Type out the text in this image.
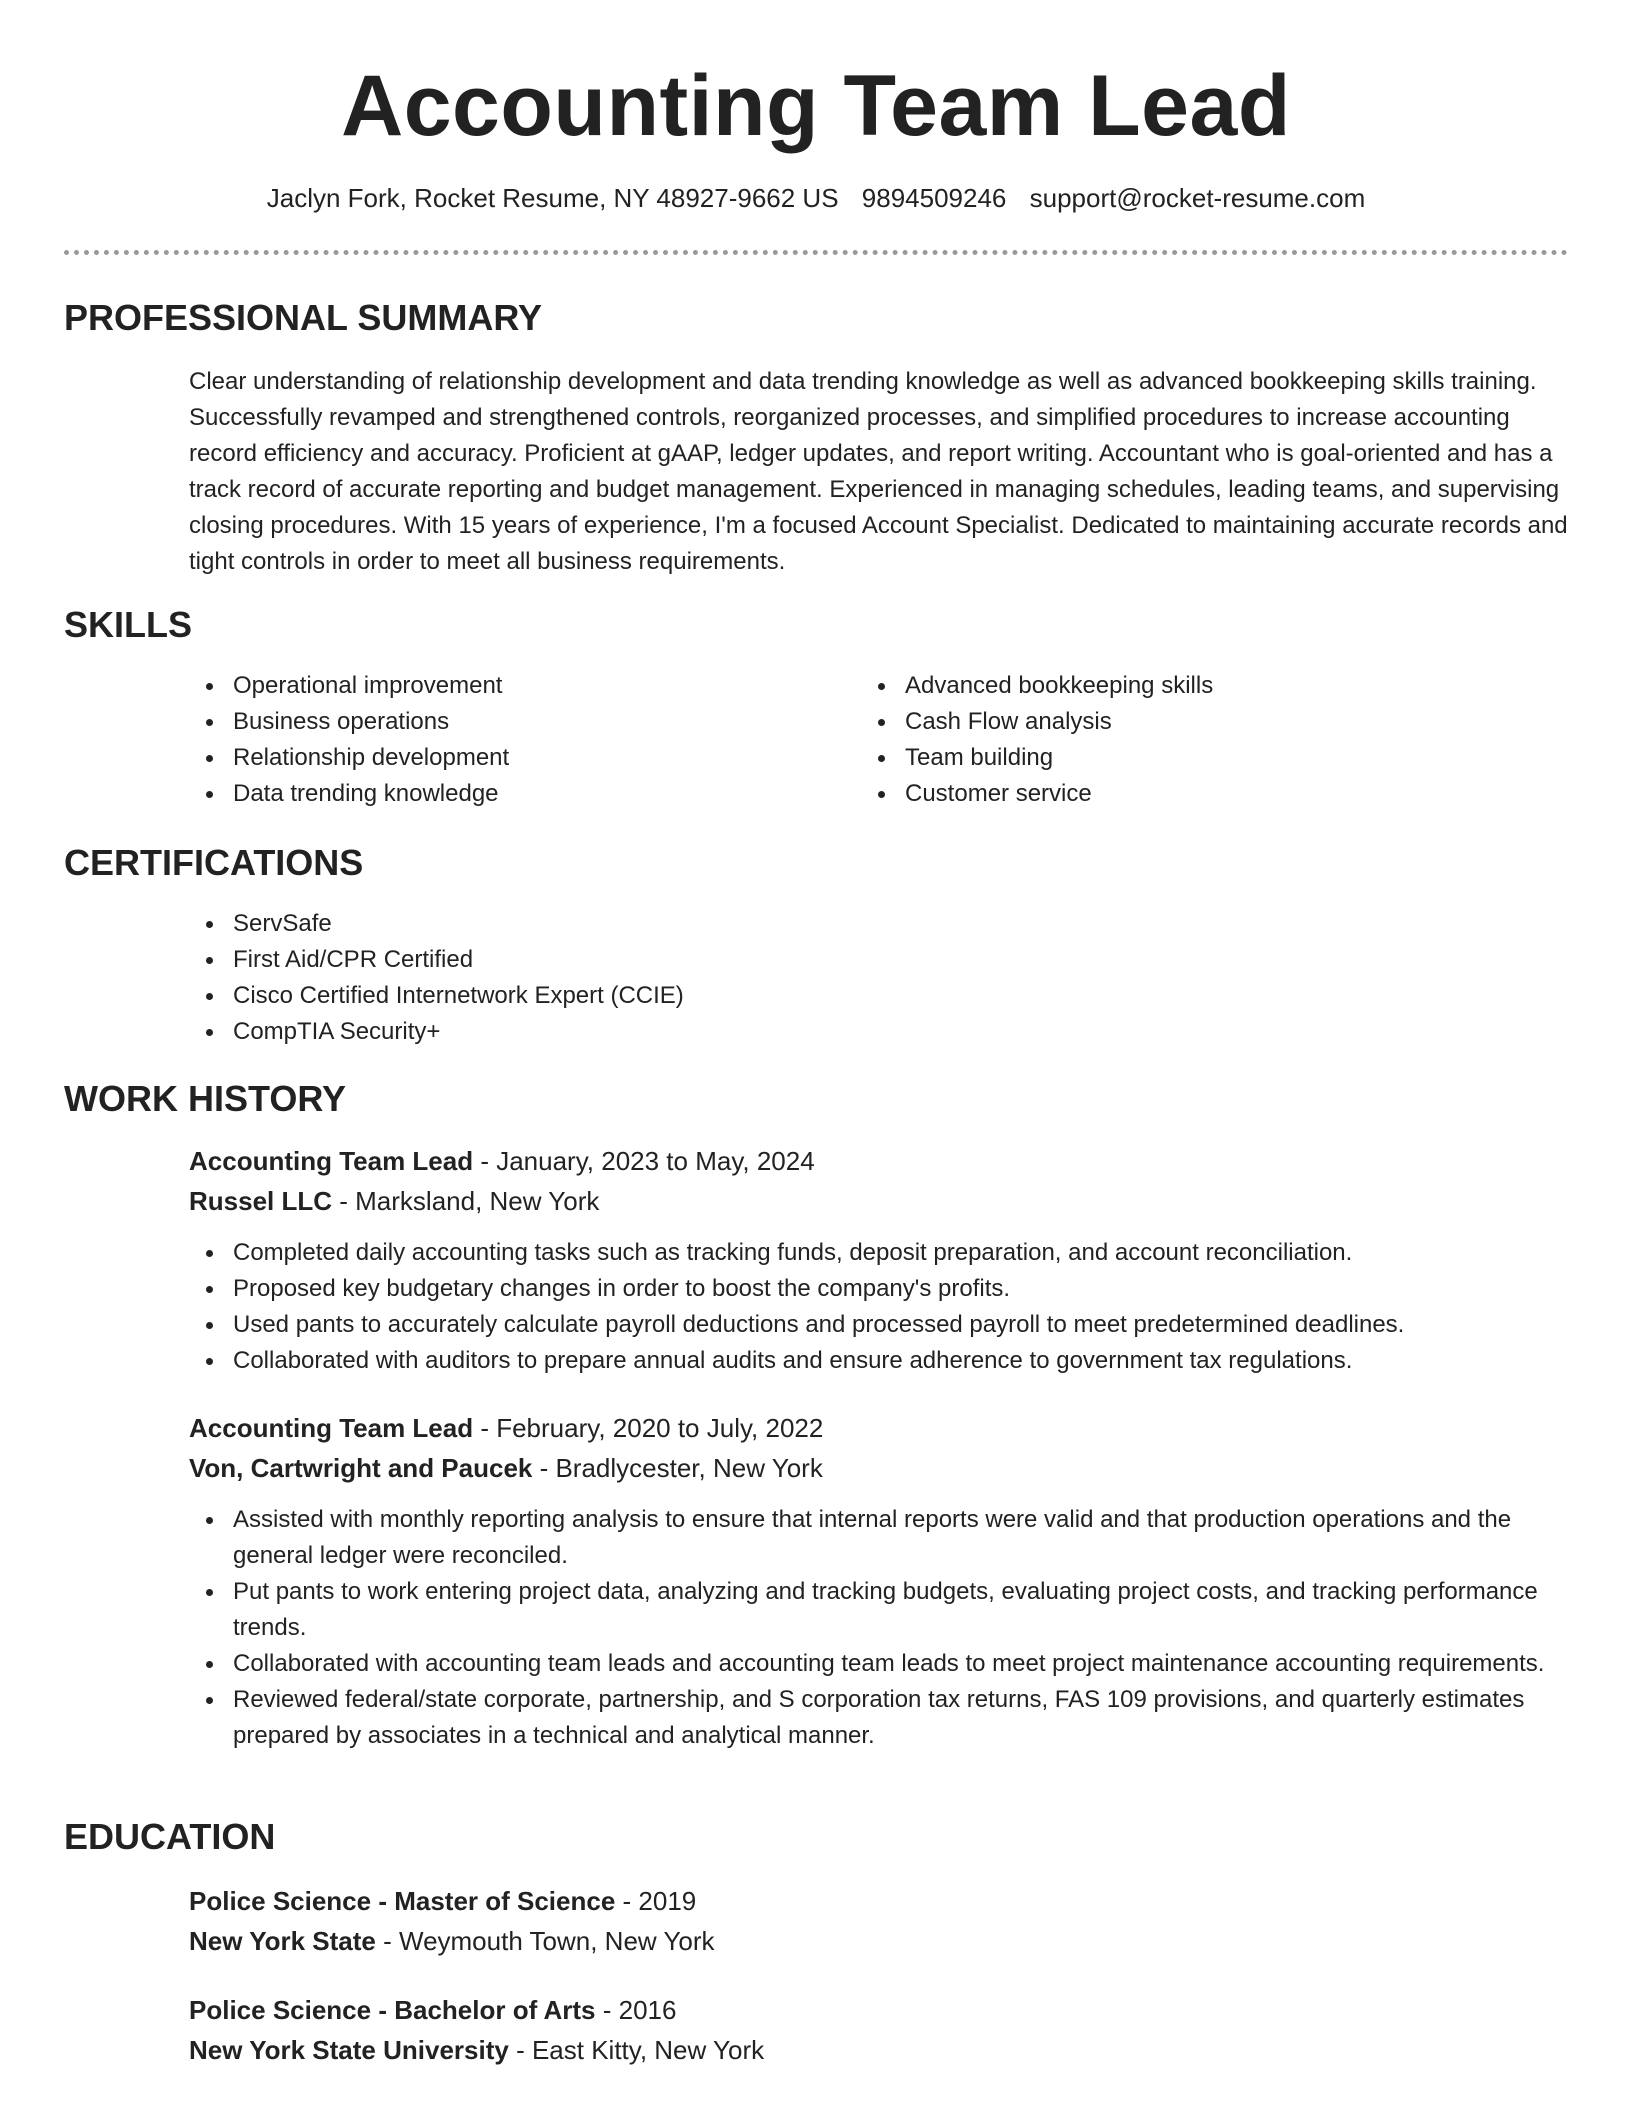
Accounting Team Lead
Jaclyn Fork, Rocket Resume, NY 48927-9662 US 9894509246 support@rocket-resume.com
PROFESSIONAL SUMMARY

Clear understanding of relationship development and data trending knowledge as well as advanced bookkeeping skills training. Successfully revamped and strengthened controls, reorganized processes, and simplified procedures to increase accounting record efficiency and accuracy. Proficient at gAAP, ledger updates, and report writing. Accountant who is goal-oriented and has a track record of accurate reporting and budget management. Experienced in managing schedules, leading teams, and supervising closing procedures. With 15 years of experience, I'm a focused Account Specialist. Dedicated to maintaining accurate records and tight controls in order to meet all business requirements.

SKILLS
Operational improvement
Business operations
Relationship development
Data trending knowledge
Advanced bookkeeping skills
Cash Flow analysis
Team building
Customer service
CERTIFICATIONS
ServSafe
First Aid/CPR Certified
Cisco Certified Internetwork Expert (CCIE)
CompTIA Security+
WORK HISTORY
Accounting Team Lead - January, 2023 to May, 2024
Russel LLC - Marksland, New York
Completed daily accounting tasks such as tracking funds, deposit preparation, and account reconciliation.
Proposed key budgetary changes in order to boost the company's profits.
Used pants to accurately calculate payroll deductions and processed payroll to meet predetermined deadlines.
Collaborated with auditors to prepare annual audits and ensure adherence to government tax regulations.
Accounting Team Lead - February, 2020 to July, 2022
Von, Cartwright and Paucek - Bradlycester, New York
Assisted with monthly reporting analysis to ensure that internal reports were valid and that production operations and the general ledger were reconciled.
Put pants to work entering project data, analyzing and tracking budgets, evaluating project costs, and tracking performance trends.
Collaborated with accounting team leads and accounting team leads to meet project maintenance accounting requirements.
Reviewed federal/state corporate, partnership, and S corporation tax returns, FAS 109 provisions, and quarterly estimates prepared by associates in a technical and analytical manner.
EDUCATION
Police Science - Master of Science - 2019
New York State - Weymouth Town, New York
Police Science - Bachelor of Arts - 2016
New York State University - East Kitty, New York
